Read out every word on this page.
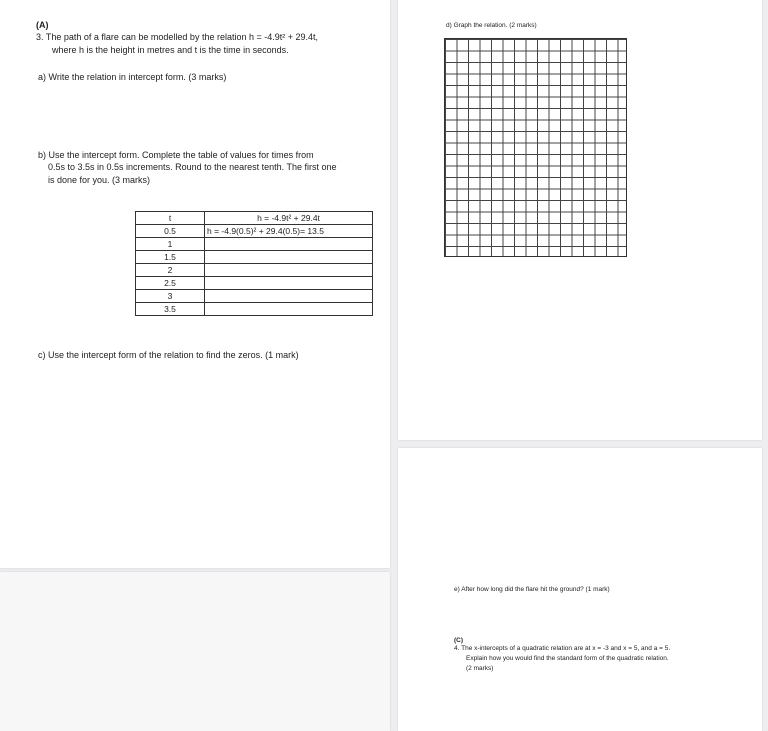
(A)
3. The path of a flare can be modelled by the relation h = -4.9t² + 29.4t,
where h is the height in metres and t is the time in seconds.
a) Write the relation in intercept form. (3 marks)
b) Use the intercept form. Complete the table of values for times from
0.5s to 3.5s in 0.5s increments. Round to the nearest tenth. The first one
is done for you. (3 marks)
t	h = -4.9t² + 29.4t
0.5	h = -4.9(0.5)² + 29.4(0.5)= 13.5
1	
1.5	
2	
2.5	
3	
3.5	
c) Use the intercept form of the relation to find the zeros. (1 mark)
d) Graph the relation. (2 marks)
e) After how long did the flare hit the ground? (1 mark)
(C)
4. The x-intercepts of a quadratic relation are at x = -3 and x = 5, and a = 5.
Explain how you would find the standard form of the quadratic relation.
(2 marks)
